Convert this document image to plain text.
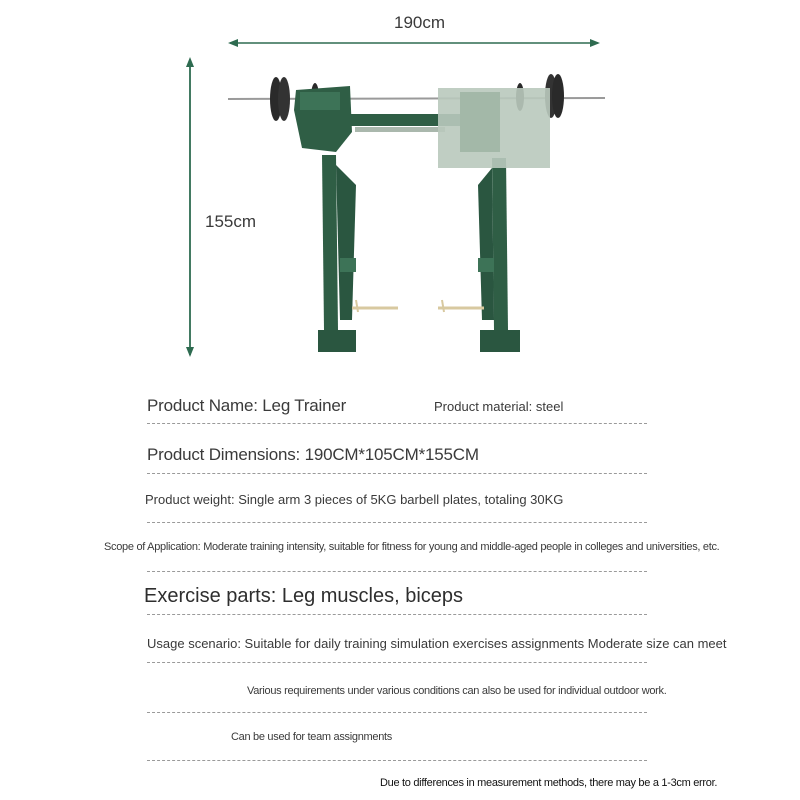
190cm
155cm
Product Name: Leg Trainer	Product material: steel
Product Dimensions: 190CM*105CM*155CM
Product weight: Single arm 3 pieces of 5KG barbell plates, totaling 30KG
Scope of Application: Moderate training intensity, suitable for fitness for young and middle-aged people in colleges and universities, etc.
Exercise parts: Leg muscles, biceps
Usage scenario: Suitable for daily training simulation exercises assignments Moderate size can meet
Various requirements under various conditions can also be used for individual outdoor work.
Can be used for team assignments
Due to differences in measurement methods, there may be a 1-3cm error.
